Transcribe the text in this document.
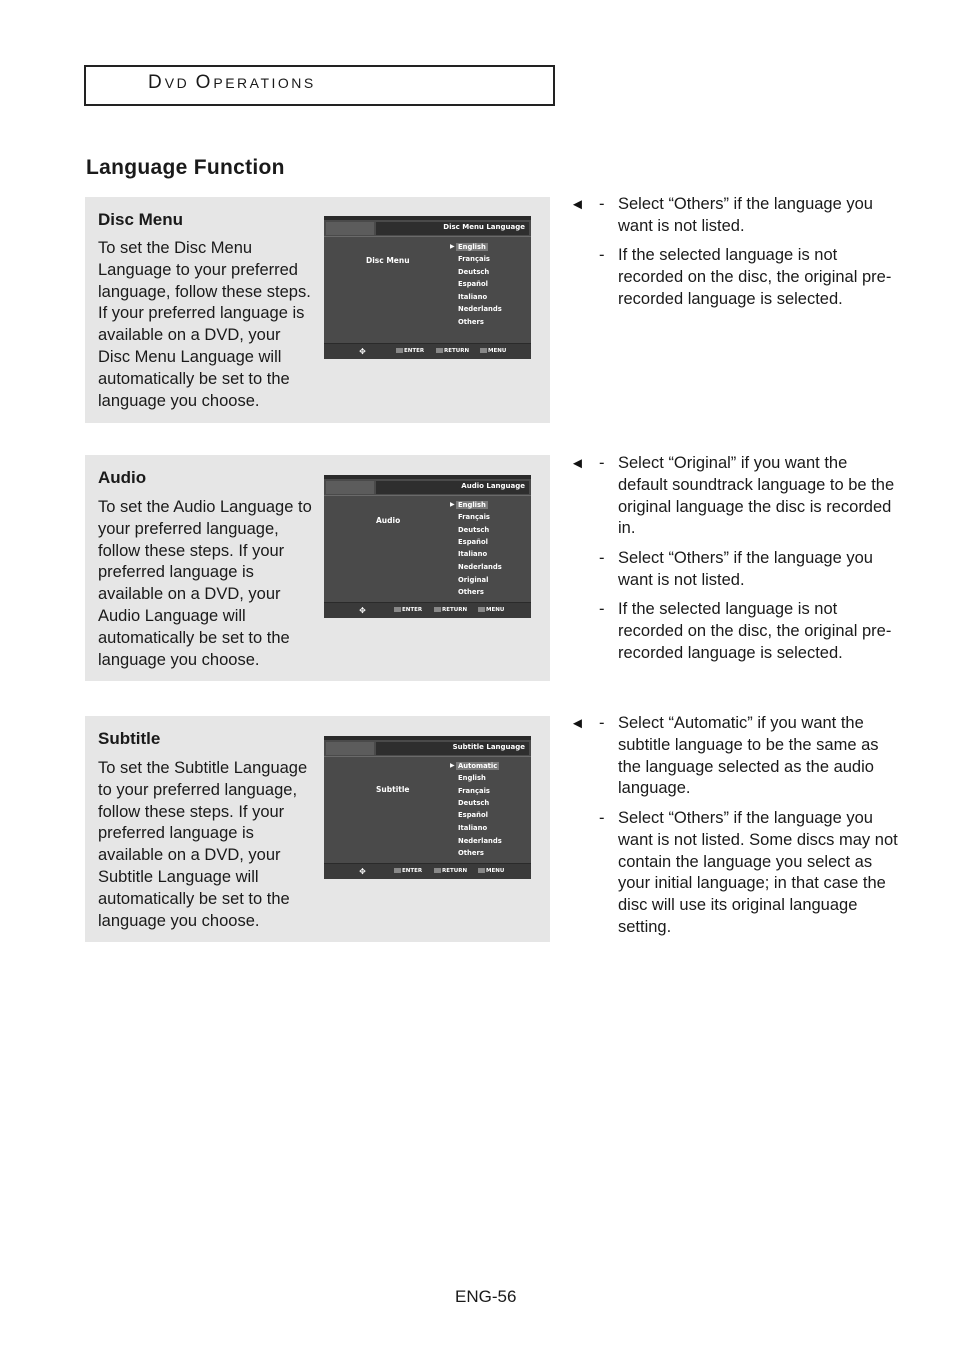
DVD OPERATIONS
Language Function
Disc Menu
To set the Disc Menu Language to your preferred language, follow these steps. If your preferred language is available on a DVD, your Disc Menu Language will automatically be set to the language you choose.
Disc Menu Language
Disc Menu
▶ English
Français
Deutsch
Español
Italiano
Nederlands
Others
✥	ENTER	RETURN	MENU
◄ - Select “Others” if the language you want is not listed.
- If the selected language is not recorded on the disc, the original pre-recorded language is selected.
Audio
To set the Audio Language to your preferred language, follow these steps. If your preferred language is available on a DVD, your Audio Language will automatically be set to the language you choose.
Audio Language
Audio
▶ English
Français
Deutsch
Español
Italiano
Nederlands
Original
Others
✥	ENTER	RETURN	MENU
◄ - Select “Original” if you want the default soundtrack language to be the original language the disc is recorded in.
- Select “Others” if the language you want is not listed.
- If the selected language is not recorded on the disc, the original pre-recorded language is selected.
Subtitle
To set the Subtitle Language to your preferred language, follow these steps. If your preferred language is available on a DVD, your Subtitle Language will automatically be set to the language you choose.
Subtitle Language
Subtitle
▶ Automatic
English
Français
Deutsch
Español
Italiano
Nederlands
Others
✥	ENTER	RETURN	MENU
◄ - Select “Automatic” if you want the subtitle language to be the same as the language selected as the audio language.
- Select “Others” if the language you want is not listed. Some discs may not contain the language you select as your initial language; in that case the disc will use its original language setting.
ENG-56
